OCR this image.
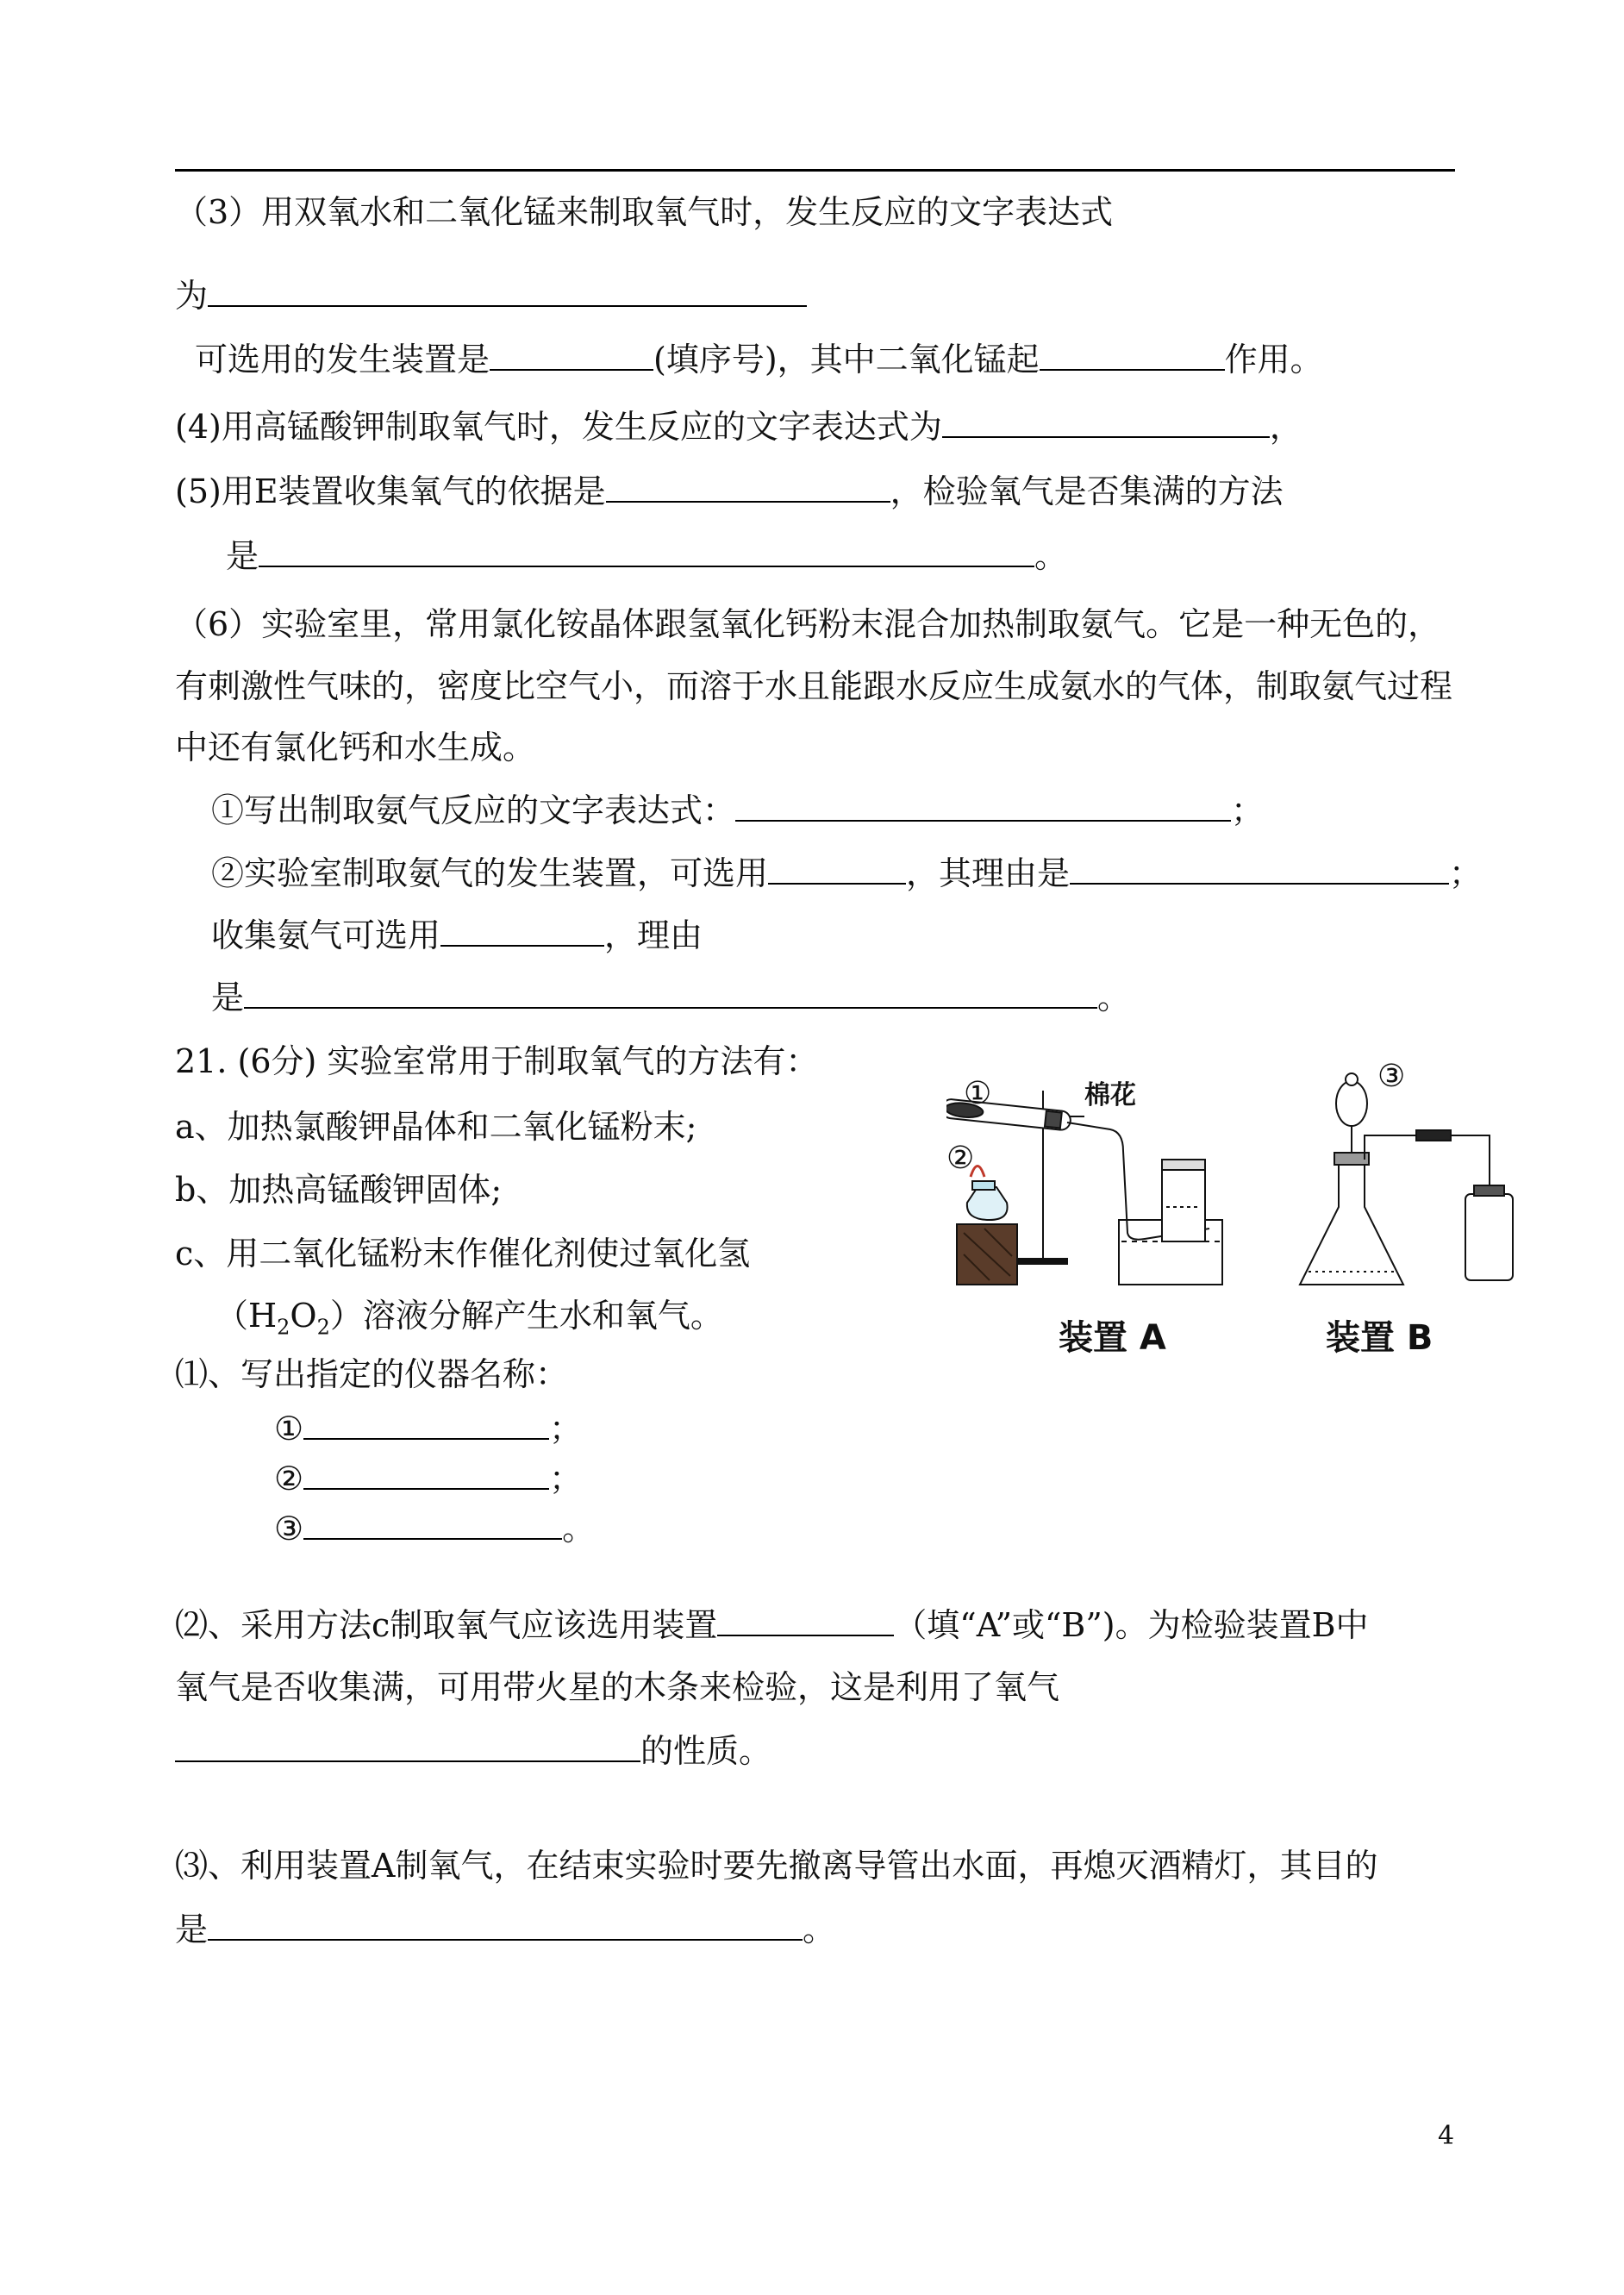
（3）用双氧水和二氧化锰来制取氧气时，发生反应的文字表达式
为
可选用的发生装置是	(填序号)，其中二氧化锰起	作用。
(4)用高锰酸钾制取氧气时，发生反应的文字表达式为	，
(5)用E装置收集氧气的依据是	，检验氧气是否集满的方法
是	。
（6）实验室里，常用氯化铵晶体跟氢氧化钙粉末混合加热制取氨气。它是一种无色的，
有刺激性气味的，密度比空气小，而溶于水且能跟水反应生成氨水的气体，制取氨气过程
中还有氯化钙和水生成。
①写出制取氨气反应的文字表达式：	；
②实验室制取氨气的发生装置，可选用	，其理由是	；
收集氨气可选用	，理由
是	。
21. (6分) 实验室常用于制取氧气的方法有：
a、加热氯酸钾晶体和二氧化锰粉末;
b、加热高锰酸钾固体;
c、用二氧化锰粉末作催化剂使过氧化氢
$(H_2O_2)$溶液分解产生水和氧气。
⑴、写出指定的仪器名称：
①	；
②	；
③	。
⑵、采用方法c制取氧气应该选用装置	（填“A”或“B”)。为检验装置B中
氧气是否收集满，可用带火星的木条来检验，这是利用了氧气
的性质。
⑶、利用装置A制氧气，在结束实验时要先撤离导管出水面，再熄灭酒精灯，其目的
是	。
①
②
③
棉花
装置 A	装置 B
4
